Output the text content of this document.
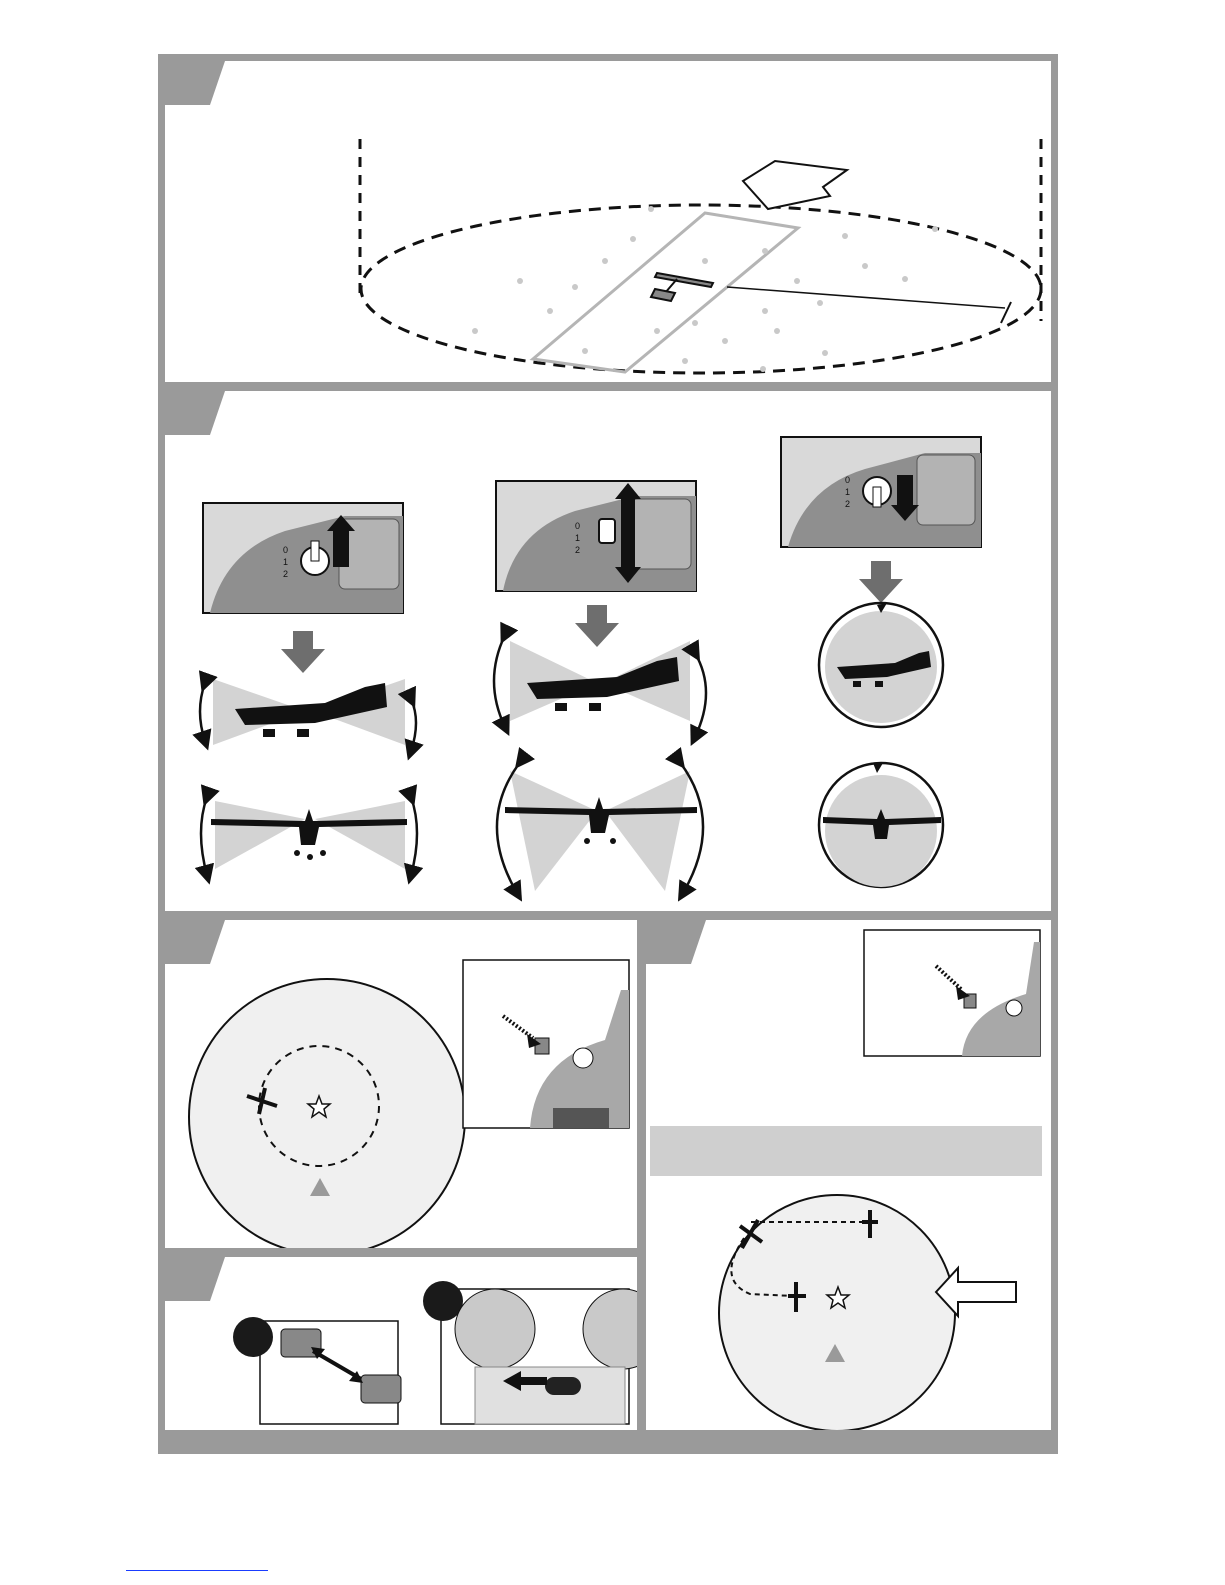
0
1
2
0
1
2
0
1
2
